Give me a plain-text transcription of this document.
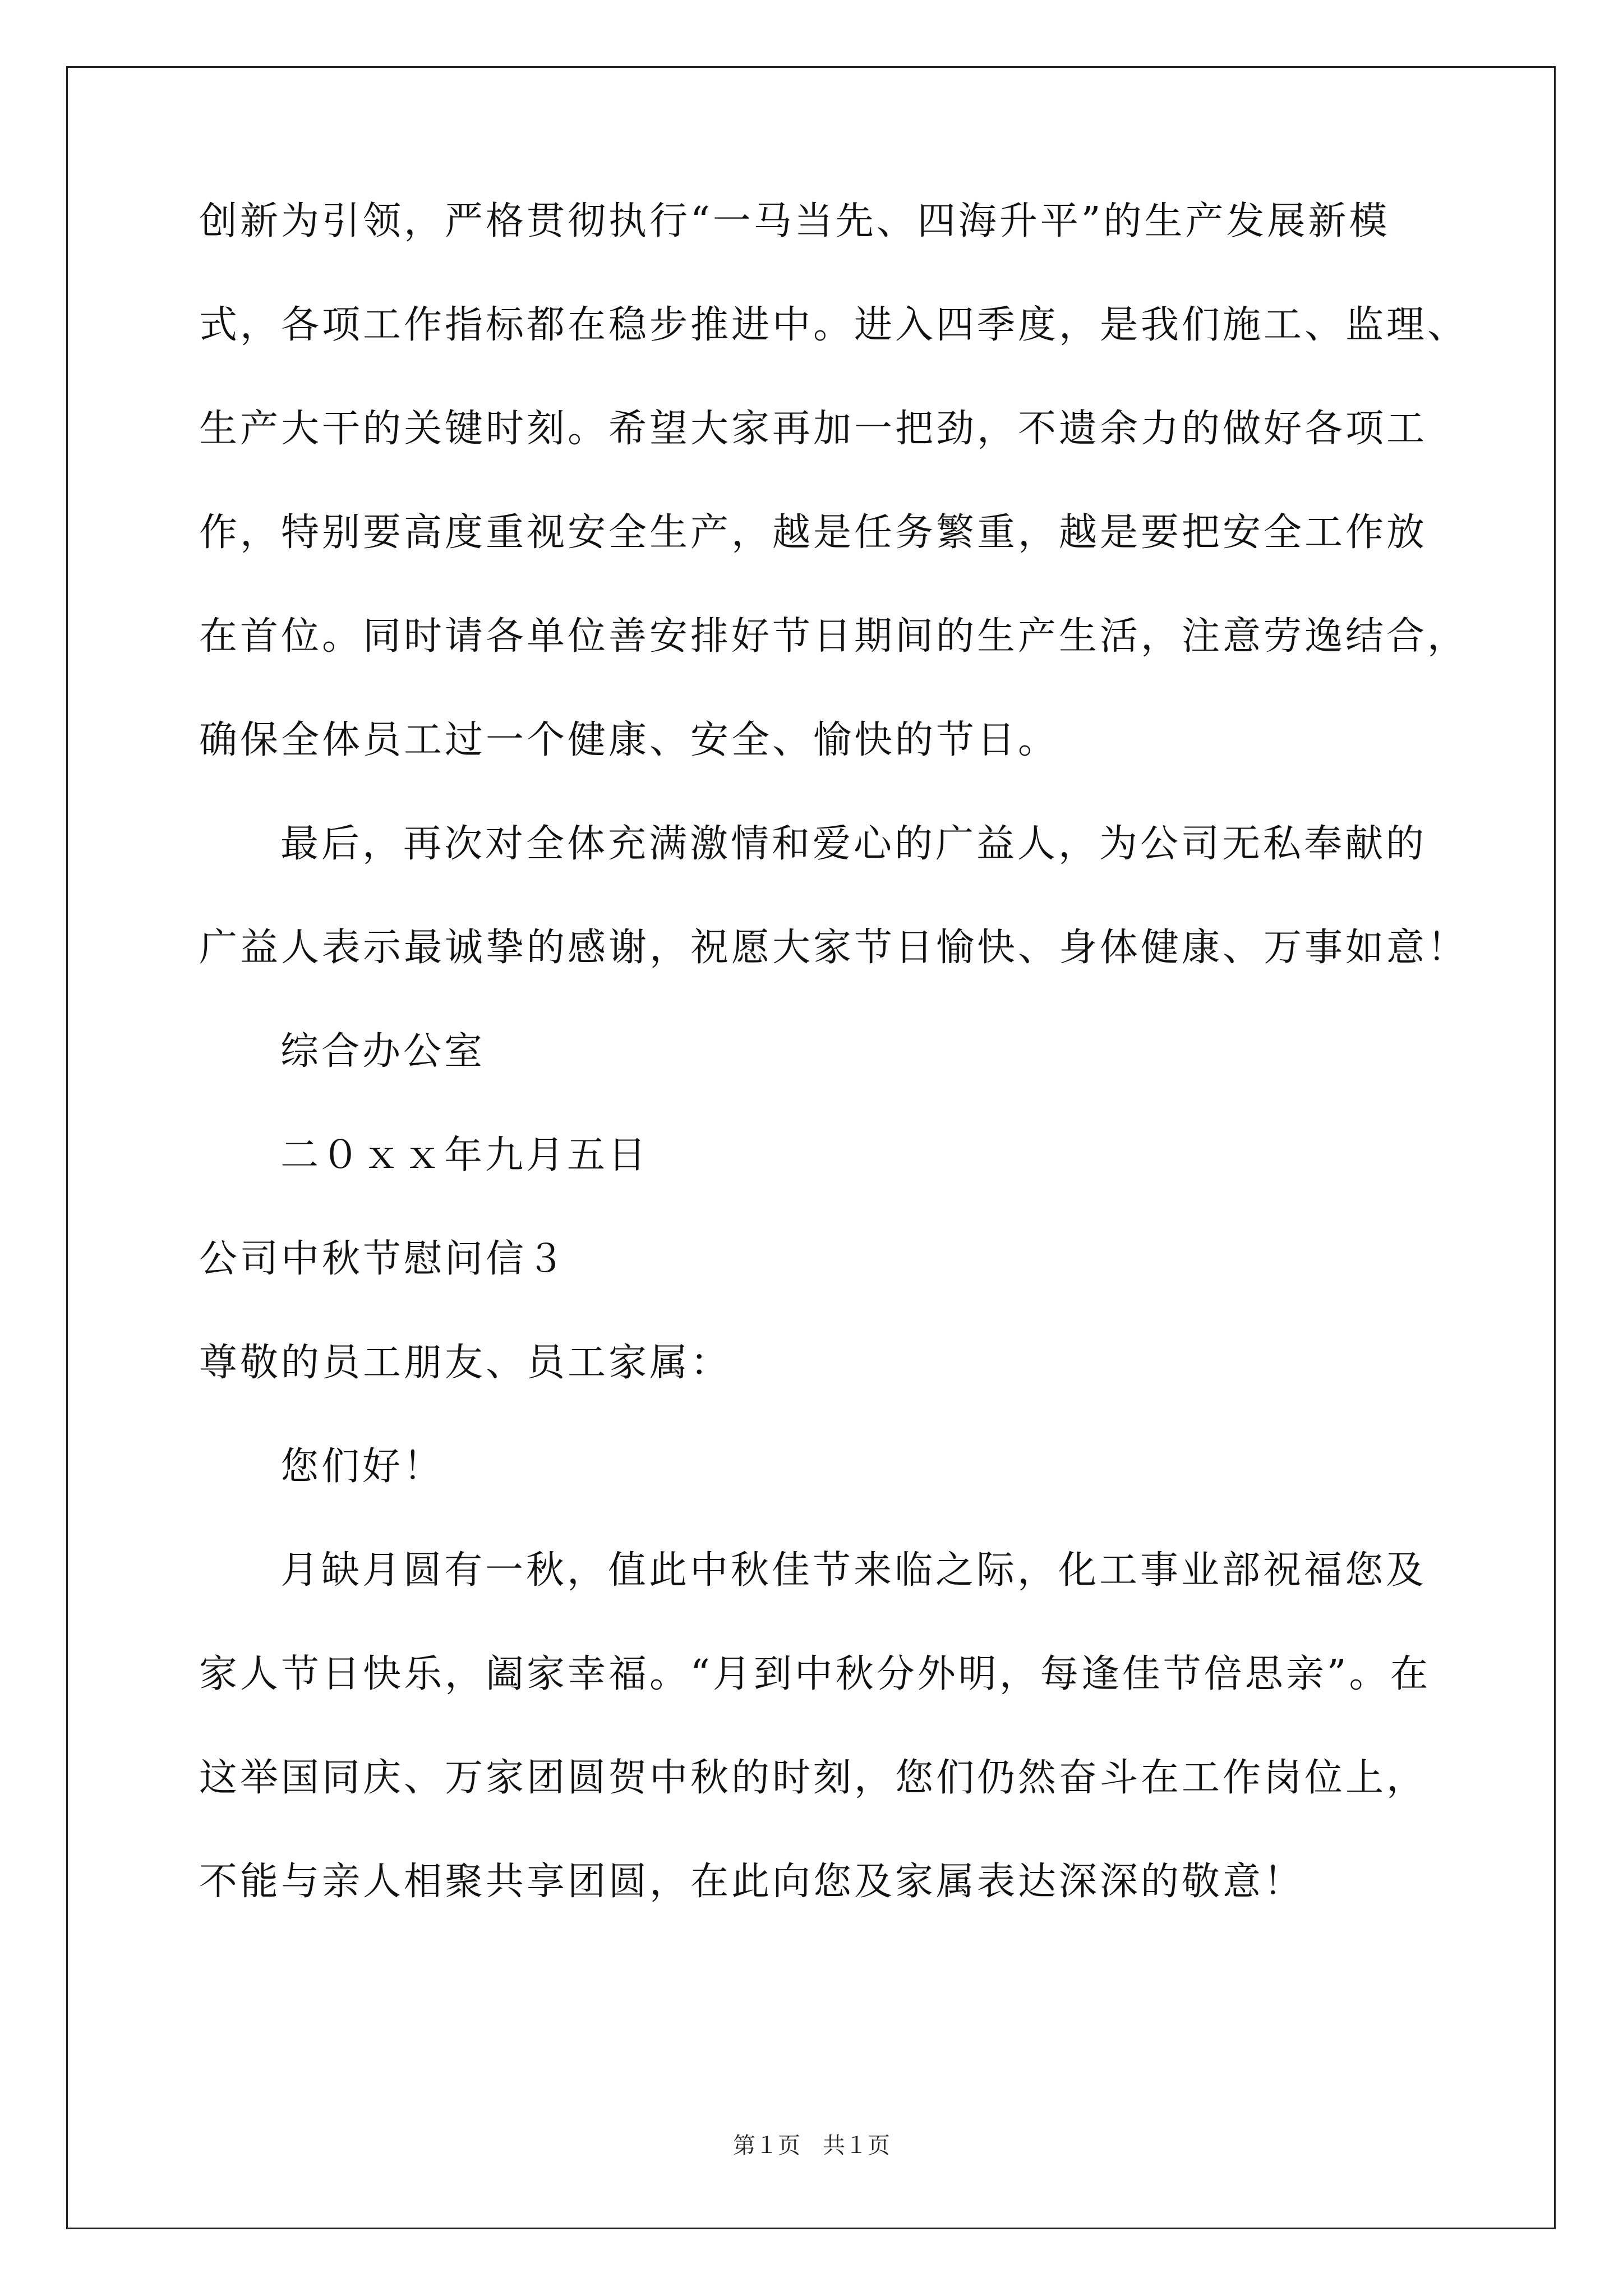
创新为引领，严格贯彻执行“一马当先、四海升平”的生产发展新模
式，各项工作指标都在稳步推进中。进入四季度，是我们施工、监理、
生产大干的关键时刻。希望大家再加一把劲，不遗余力的做好各项工
作，特别要高度重视安全生产，越是任务繁重，越是要把安全工作放
在首位。同时请各单位善安排好节日期间的生产生活，注意劳逸结合，
确保全体员工过一个健康、安全、愉快的节日。
最后，再次对全体充满激情和爱心的广益人，为公司无私奉献的
广益人表示最诚挚的感谢，祝愿大家节日愉快、身体健康、万事如意！
综合办公室
二０ｘｘ年九月五日
公司中秋节慰问信３
尊敬的员工朋友、员工家属：
您们好！
月缺月圆有一秋，值此中秋佳节来临之际，化工事业部祝福您及
家人节日快乐，阖家幸福。“月到中秋分外明，每逢佳节倍思亲”。在
这举国同庆、万家团圆贺中秋的时刻，您们仍然奋斗在工作岗位上，
不能与亲人相聚共享团圆，在此向您及家属表达深深的敬意！
第１页　共１页
